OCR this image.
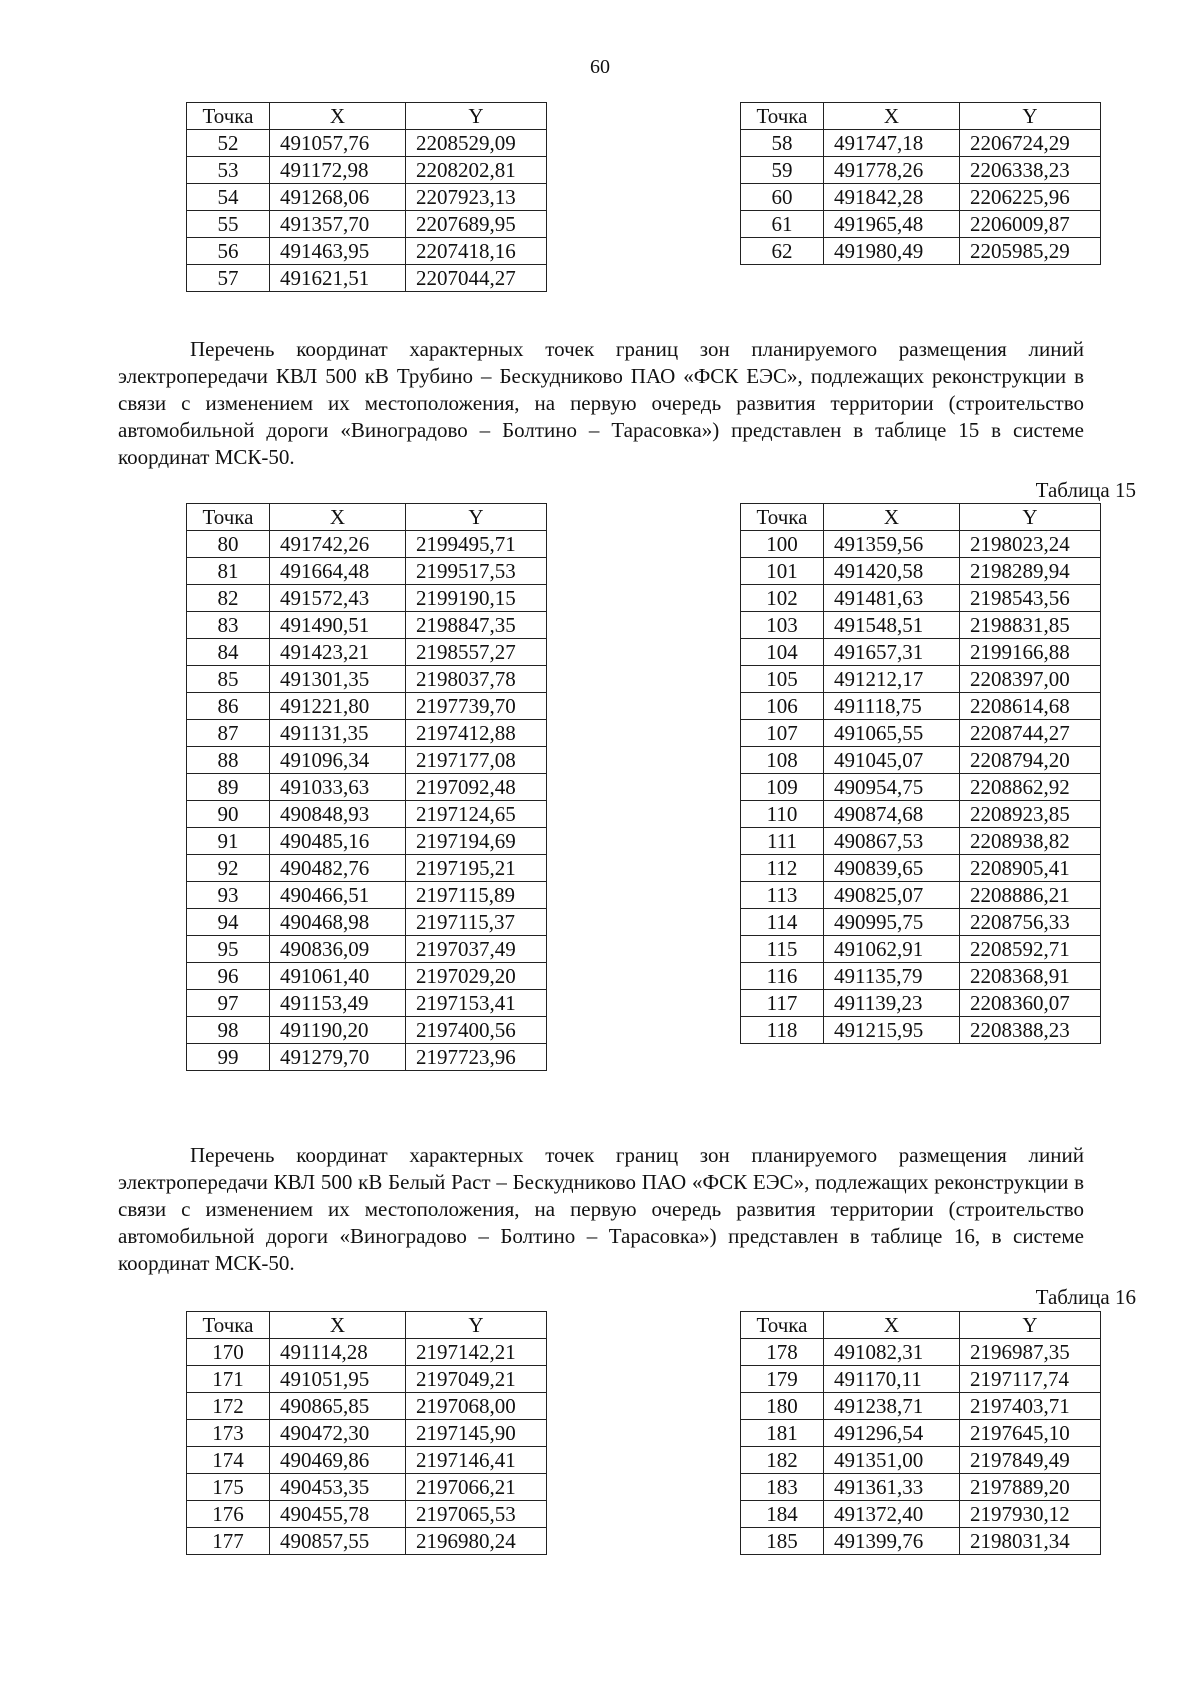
60
Точка	X	Y
52	491057,76	2208529,09
53	491172,98	2208202,81
54	491268,06	2207923,13
55	491357,70	2207689,95
56	491463,95	2207418,16
57	491621,51	2207044,27
Точка	X	Y
58	491747,18	2206724,29
59	491778,26	2206338,23
60	491842,28	2206225,96
61	491965,48	2206009,87
62	491980,49	2205985,29

Перечень координат характерных точек границ зон планируемого размещения линий электропередачи КВЛ 500 кВ Трубино – Бескудниково ПАО «ФСК ЕЭС», подлежащих реконструкции в связи с изменением их местоположения, на первую очередь развития территории (строительство автомобильной дороги «Виноградово – Болтино – Тарасовка») представлен в таблице 15 в системе координат МСК-50.

Таблица 15
Точка	X	Y
80	491742,26	2199495,71
81	491664,48	2199517,53
82	491572,43	2199190,15
83	491490,51	2198847,35
84	491423,21	2198557,27
85	491301,35	2198037,78
86	491221,80	2197739,70
87	491131,35	2197412,88
88	491096,34	2197177,08
89	491033,63	2197092,48
90	490848,93	2197124,65
91	490485,16	2197194,69
92	490482,76	2197195,21
93	490466,51	2197115,89
94	490468,98	2197115,37
95	490836,09	2197037,49
96	491061,40	2197029,20
97	491153,49	2197153,41
98	491190,20	2197400,56
99	491279,70	2197723,96
Точка	X	Y
100	491359,56	2198023,24
101	491420,58	2198289,94
102	491481,63	2198543,56
103	491548,51	2198831,85
104	491657,31	2199166,88
105	491212,17	2208397,00
106	491118,75	2208614,68
107	491065,55	2208744,27
108	491045,07	2208794,20
109	490954,75	2208862,92
110	490874,68	2208923,85
111	490867,53	2208938,82
112	490839,65	2208905,41
113	490825,07	2208886,21
114	490995,75	2208756,33
115	491062,91	2208592,71
116	491135,79	2208368,91
117	491139,23	2208360,07
118	491215,95	2208388,23

Перечень координат характерных точек границ зон планируемого размещения линий электропередачи КВЛ 500 кВ Белый Раст – Бескудниково ПАО «ФСК ЕЭС», подлежащих реконструкции в связи с изменением их местоположения, на первую очередь развития территории (строительство автомобильной дороги «Виноградово – Болтино – Тарасовка») представлен в таблице 16, в системе координат МСК-50.

Таблица 16
Точка	X	Y
170	491114,28	2197142,21
171	491051,95	2197049,21
172	490865,85	2197068,00
173	490472,30	2197145,90
174	490469,86	2197146,41
175	490453,35	2197066,21
176	490455,78	2197065,53
177	490857,55	2196980,24
Точка	X	Y
178	491082,31	2196987,35
179	491170,11	2197117,74
180	491238,71	2197403,71
181	491296,54	2197645,10
182	491351,00	2197849,49
183	491361,33	2197889,20
184	491372,40	2197930,12
185	491399,76	2198031,34
